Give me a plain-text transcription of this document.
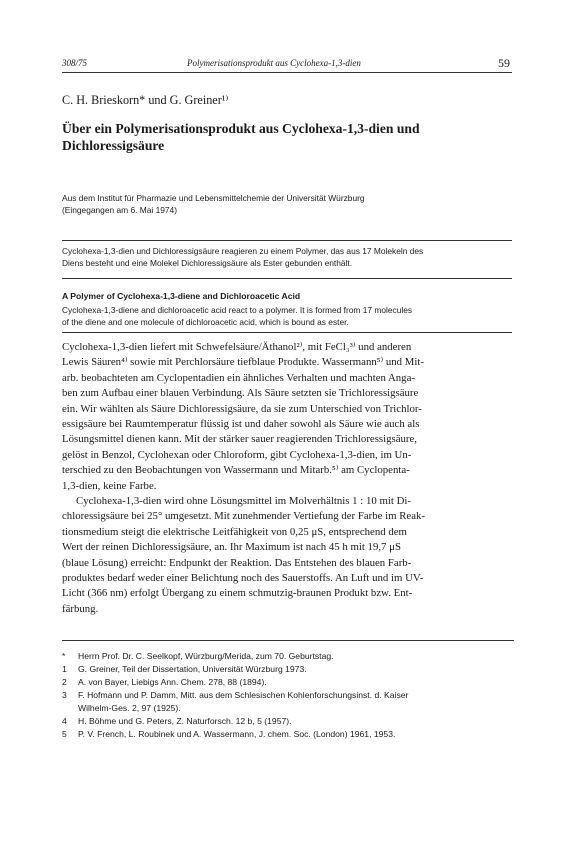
308/75	Polymerisationsprodukt aus Cyclohexa-1,3-dien	59
C. H. Brieskorn* und G. Greiner¹⁾
Über ein Polymerisationsprodukt aus Cyclohexa-1,3-dien und Dichloressigsäure
Aus dem Institut für Pharmazie und Lebensmittelchemie der Universität Würzburg
(Eingegangen am 6. Mai 1974)
Cyclohexa-1,3-dien und Dichloressigsäure reagieren zu einem Polymer, das aus 17 Molekeln des
Diens besteht und eine Molekel Dichloressigsäure als Ester gebunden enthält.
A Polymer of Cyclohexa-1,3-diene and Dichloroacetic Acid
Cyclohexa-1,3-diene and dichloroacetic acid react to a polymer. It is formed from 17 molecules
of the diene and one molecule of dichloroacetic acid, which is bound as ester.
Cyclohexa-1,3-dien liefert mit Schwefelsäure/Äthanol²⁾, mit FeCl₃³⁾ und anderen
Lewis Säuren⁴⁾ sowie mit Perchlorsäure tiefblaue Produkte. Wassermann⁵⁾ und Mit-
arb. beobachteten am Cyclopentadien ein ähnliches Verhalten und machten Anga-
ben zum Aufbau einer blauen Verbindung. Als Säure setzten sie Trichloressigsäure
ein. Wir wählten als Säure Dichloressigsäure, da sie zum Unterschied von Trichlor-
essigsäure bei Raumtemperatur flüssig ist und daher sowohl als Säure wie auch als
Lösungsmittel dienen kann. Mit der stärker sauer reagierenden Trichloressigsäure,
gelöst in Benzol, Cyclohexan oder Chloroform, gibt Cyclohexa-1,3-dien, im Un-
terschied zu den Beobachtungen von Wassermann und Mitarb.⁵⁾ am Cyclopenta-
1,3-dien, keine Farbe.
Cyclohexa-1,3-dien wird ohne Lösungsmittel im Molverhältnis 1 : 10 mit Di-
chloressigsäure bei 25° umgesetzt. Mit zunehmender Vertiefung der Farbe im Reak-
tionsmedium steigt die elektrische Leitfähigkeit von 0,25 μS, entsprechend dem
Wert der reinen Dichloressigsäure, an. Ihr Maximum ist nach 45 h mit 19,7 μS
(blaue Lösung) erreicht: Endpunkt der Reaktion. Das Entstehen des blauen Farb-
produktes bedarf weder einer Belichtung noch des Sauerstoffs. An Luft und im UV-
Licht (366 nm) erfolgt Übergang zu einem schmutzig-braunen Produkt bzw. Ent-
färbung.
* Herrn Prof. Dr. C. Seelkopf, Würzburg/Merida, zum 70. Geburtstag.
1 G. Greiner, Teil der Dissertation, Universität Würzburg 1973.
2 A. von Bayer, Liebigs Ann. Chem. 278, 88 (1894).
3 F. Hofmann und P. Damm, Mitt. aus dem Schlesischen Kohlenforschungsinst. d. Kaiser
Wilhelm-Ges. 2, 97 (1925).
4 H. Böhme und G. Peters, Z. Naturforsch. 12 b, 5 (1957).
5 P. V. French, L. Roubinek und A. Wassermann, J. chem. Soc. (London) 1961, 1953.
